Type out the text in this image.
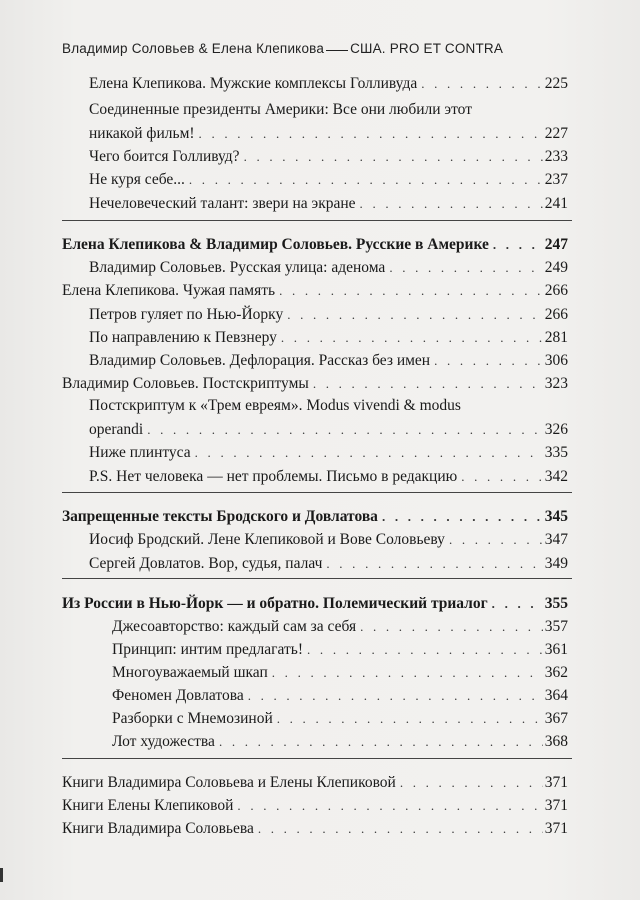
Владимир Соловьев & Елена Клепикова США. PRO ET CONTRA
Елена Клепикова. Мужские комплексы Голливуда . . .	225
Соединенные президенты Америки: Все они любили этот
никакой фильм! . . .	227
Чего боится Голливуд? . . .	233
Не куря себе... . . .	237
Нечеловеческий талант: звери на экране . . .	241
Елена Клепикова & Владимир Соловьев. Русские в Америке . . .	247
Владимир Соловьев. Русская улица: аденома . . .	249
Елена Клепикова. Чужая память . . .	266
Петров гуляет по Нью-Йорку . . .	266
По направлению к Певзнеру . . .	281
Владимир Соловьев. Дефлорация. Рассказ без имен . . .	306
Владимир Соловьев. Постскриптумы . . .	323
Постскриптум к «Трем евреям». Modus vivendi & modus
operandi . . .	326
Ниже плинтуса . . .	335
P.S. Нет человека — нет проблемы. Письмо в редакцию . . .	342
Запрещенные тексты Бродского и Довлатова . . .	345
Иосиф Бродский. Лене Клепиковой и Вове Соловьеву . . .	347
Сергей Довлатов. Вор, судья, палач . . .	349
Из России в Нью-Йорк — и обратно. Полемический триалог . . .	355
Джесоавторство: каждый сам за себя . . .	357
Принцип: интим предлагать! . . .	361
Многоуважаемый шкап . . .	362
Феномен Довлатова . . .	364
Разборки с Мнемозиной . . .	367
Лот художества . . .	368
Книги Владимира Соловьева и Елены Клепиковой . . .	371
Книги Елены Клепиковой . . .	371
Книги Владимира Соловьева . . .	371
